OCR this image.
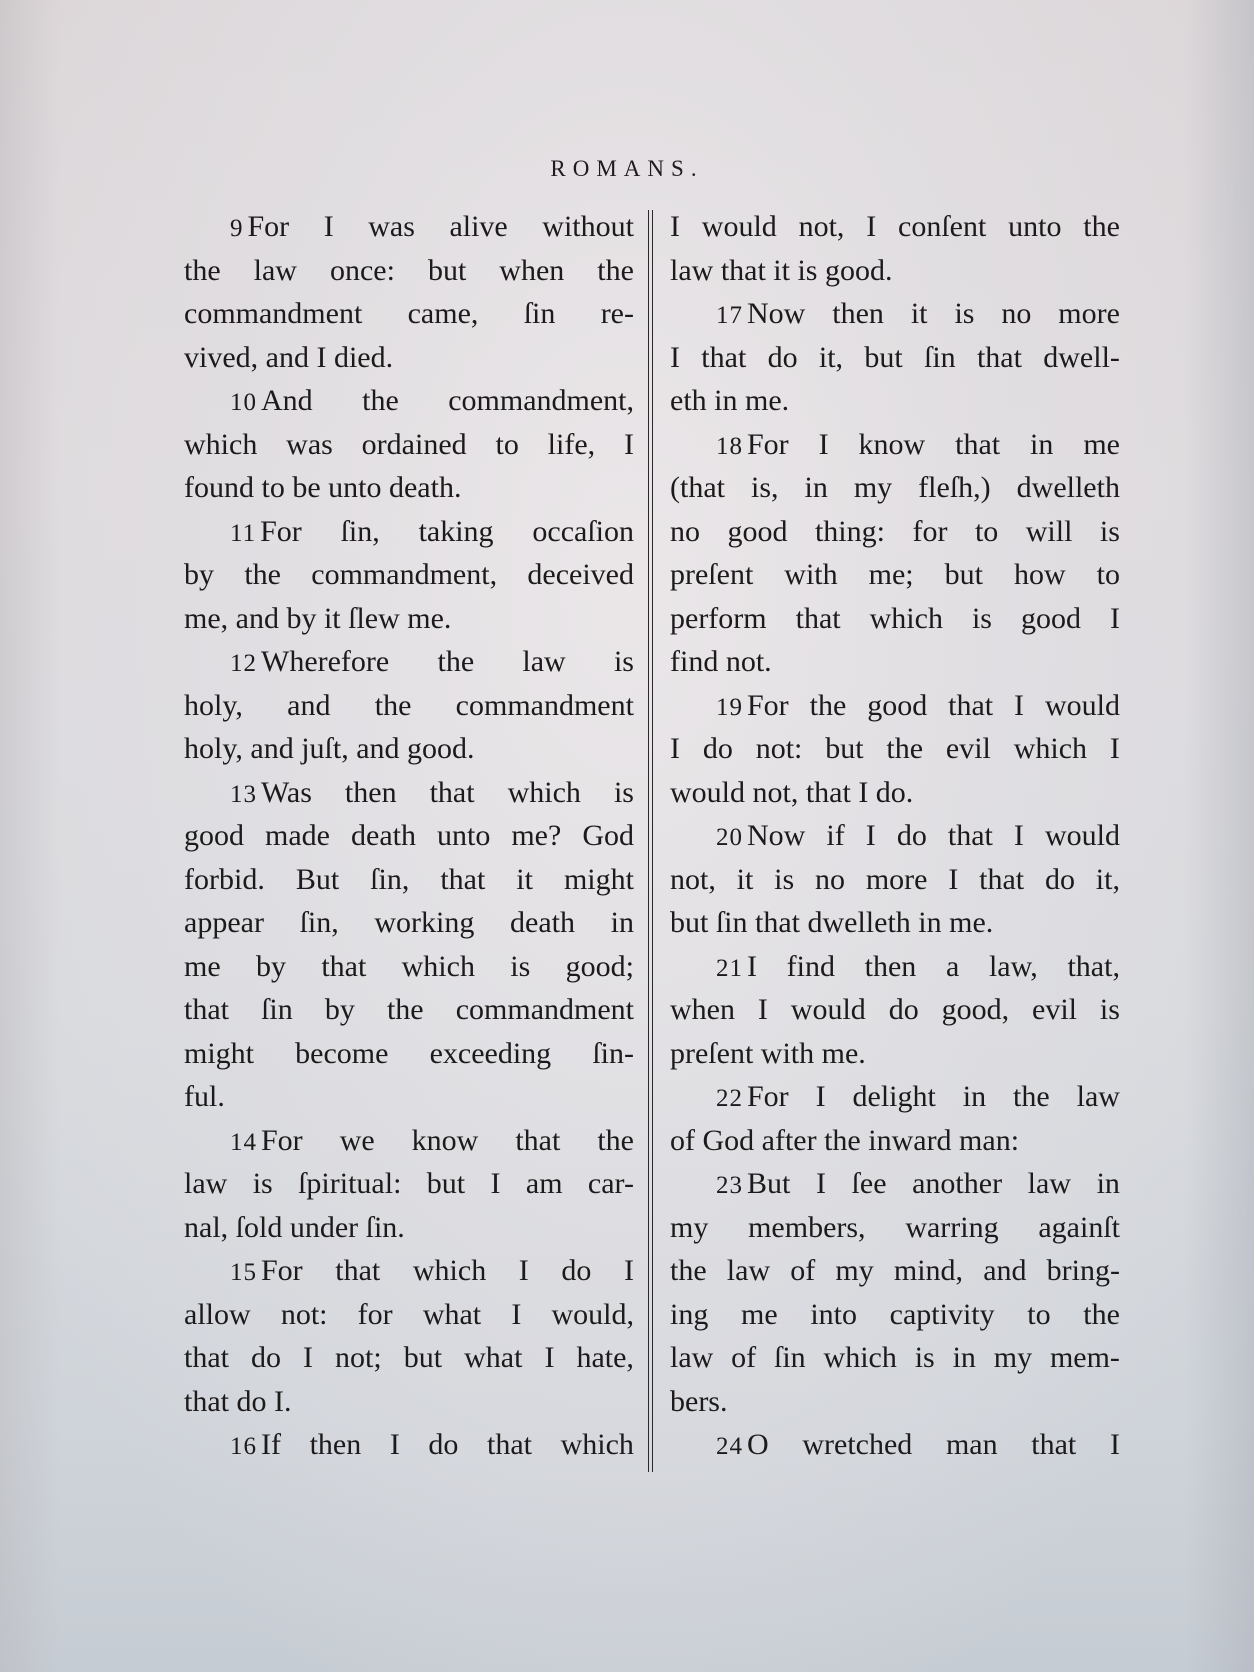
ROMANS.
9 For I was alive without
the law once: but when the
commandment came, ſin re-
vived, and I died.
10 And the commandment,
which was ordained to life, I
found to be unto death.
11 For ſin, taking occaſion
by the commandment, deceived
me, and by it ſlew me.
12 Wherefore the law is
holy, and the commandment
holy, and juſt, and good.
13 Was then that which is
good made death unto me? God
forbid. But ſin, that it might
appear ſin, working death in
me by that which is good;
that ſin by the commandment
might become exceeding ſin-
ful.
14 For we know that the
law is ſpiritual: but I am car-
nal, ſold under ſin.
15 For that which I do I
allow not: for what I would,
that do I not; but what I hate,
that do I.
16 If then I do that which
I would not, I conſent unto the
law that it is good.
17 Now then it is no more
I that do it, but ſin that dwell-
eth in me.
18 For I know that in me
(that is, in my fleſh,) dwelleth
no good thing: for to will is
preſent with me; but how to
perform that which is good I
find not.
19 For the good that I would
I do not: but the evil which I
would not, that I do.
20 Now if I do that I would
not, it is no more I that do it,
but ſin that dwelleth in me.
21 I find then a law, that,
when I would do good, evil is
preſent with me.
22 For I delight in the law
of God after the inward man:
23 But I ſee another law in
my members, warring againſt
the law of my mind, and bring-
ing me into captivity to the
law of ſin which is in my mem-
bers.
24 O wretched man that I
